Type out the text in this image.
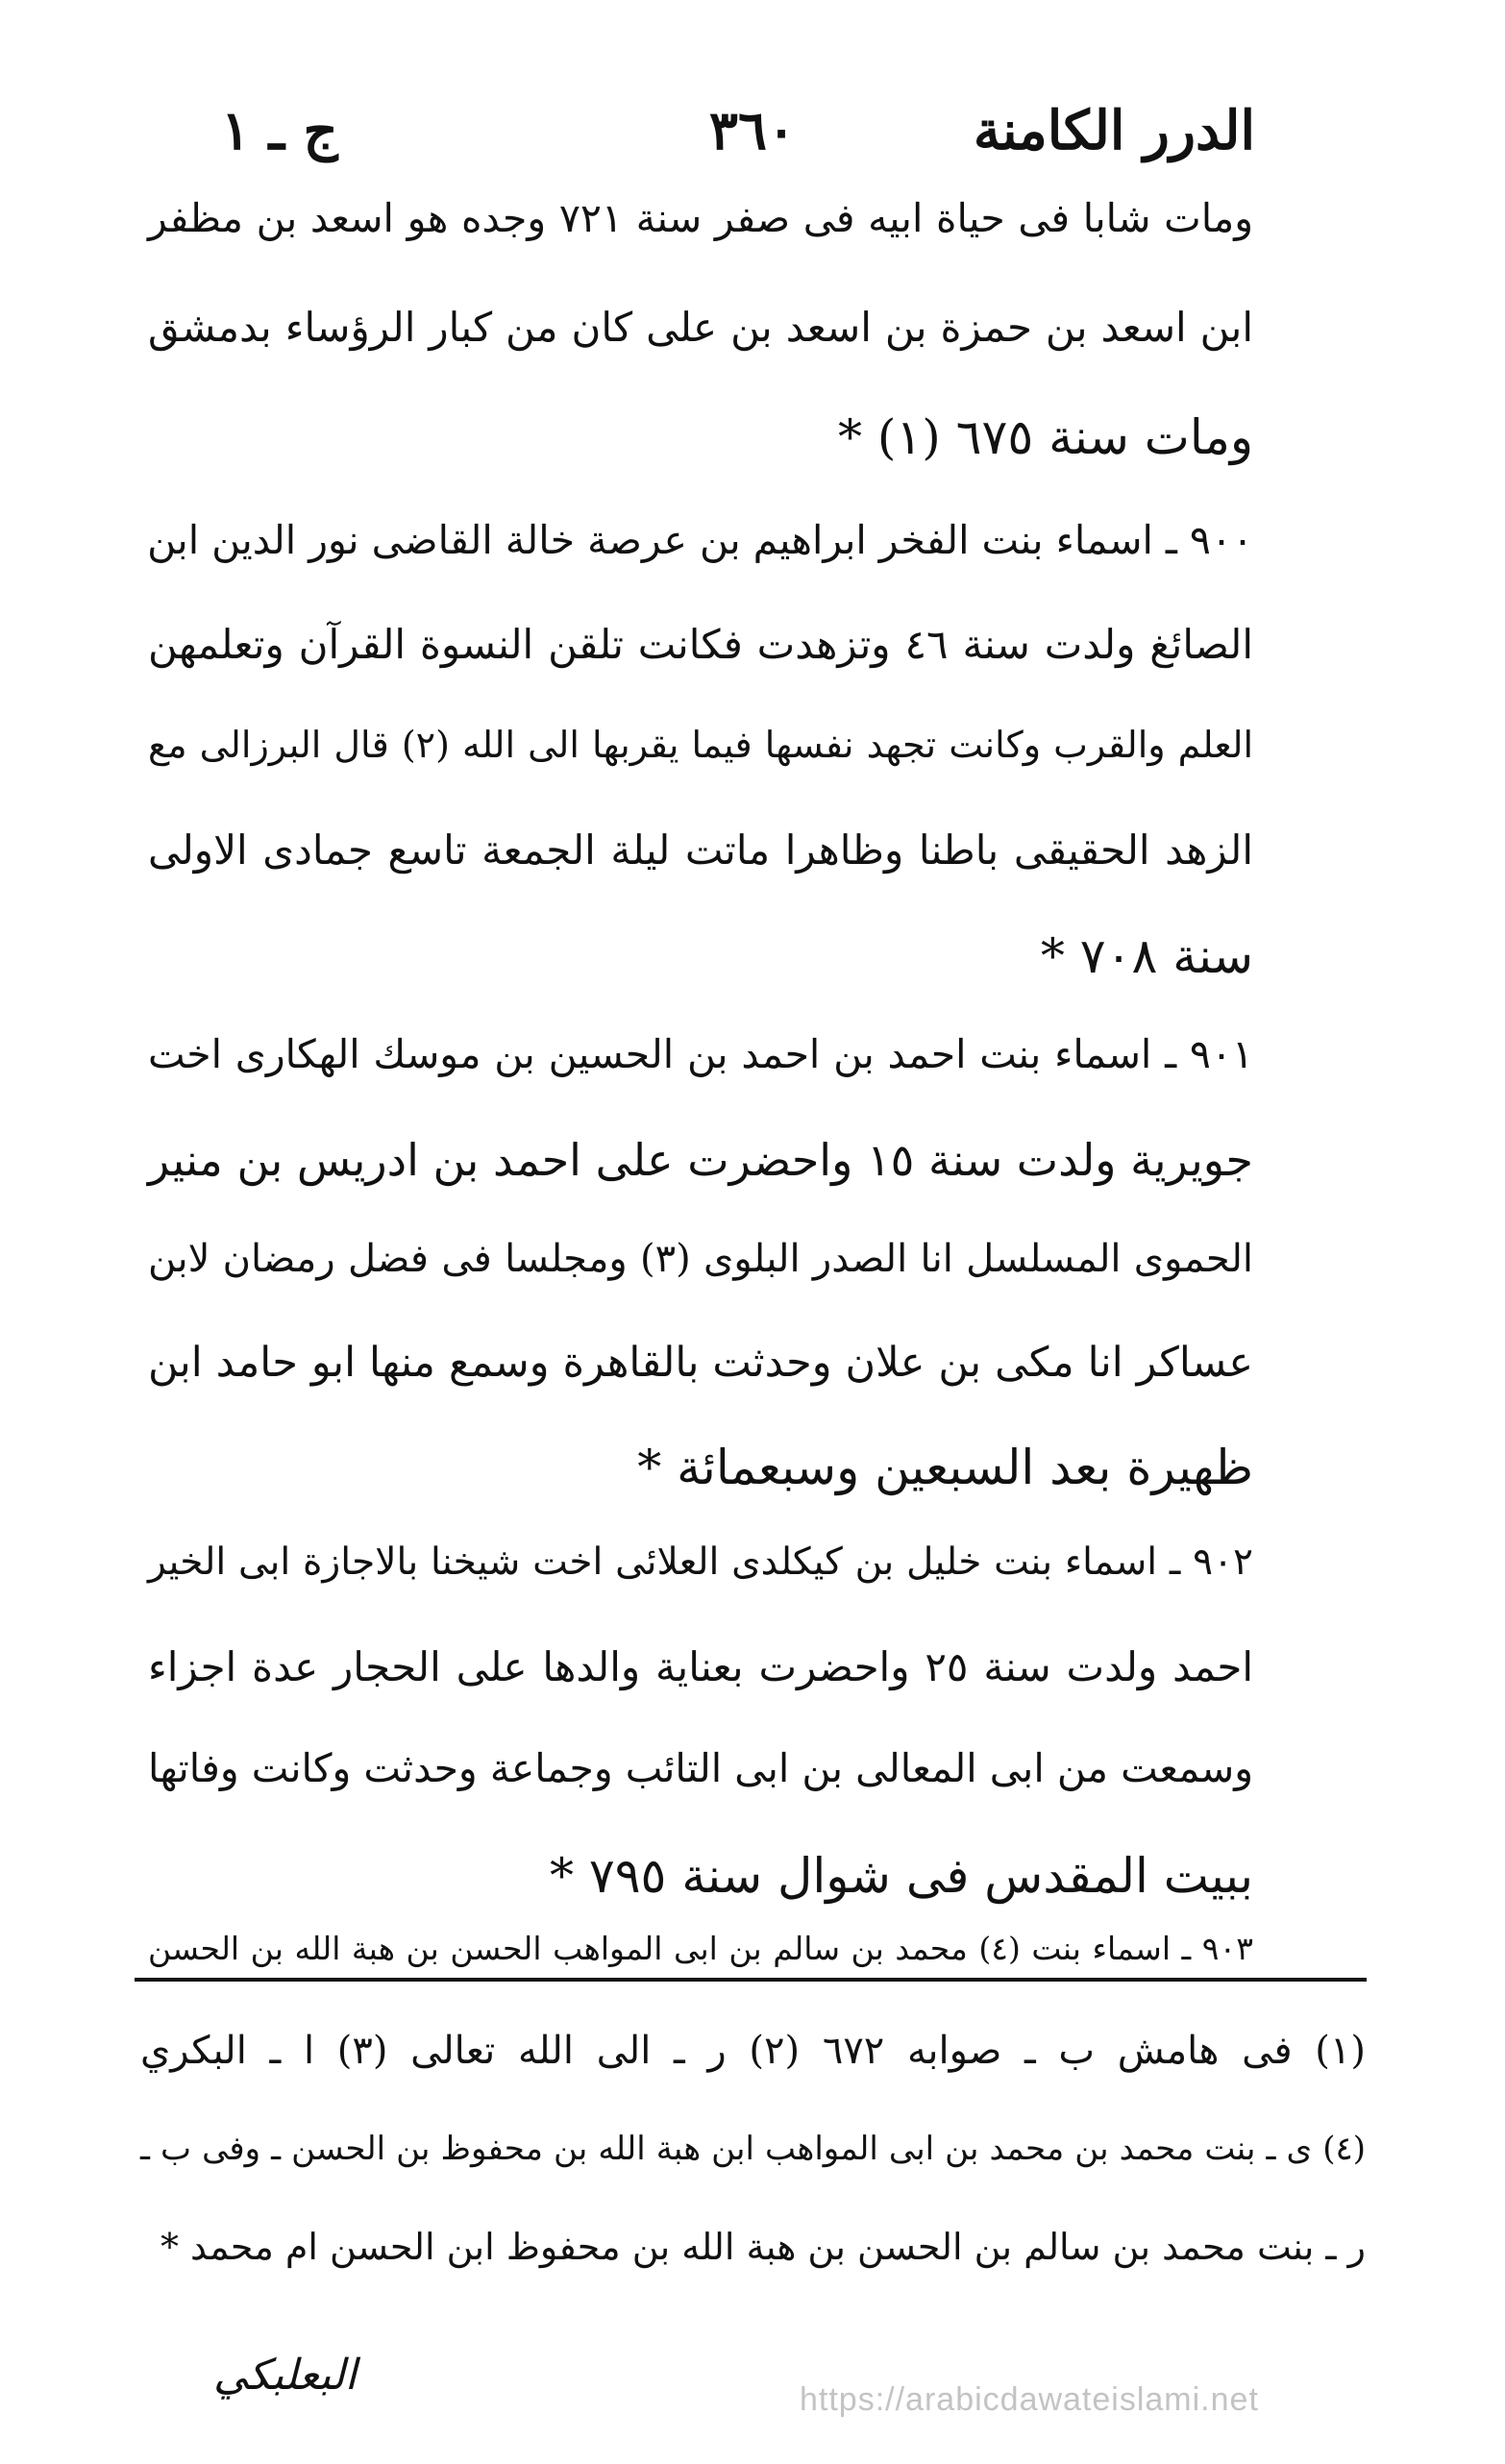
الدرر الكامنة
٣٦٠
ج ـ ١
ومات شابا فى حياة ابيه فى صفر سنة ٧٢١ وجده هو اسعد بن مظفر
ابن اسعد بن حمزة بن اسعد بن على كان من كبار الرؤساء بدمشق
ومات سنة ٦٧٥ (١) *
٩٠٠ ـ اسماء بنت الفخر ابراهيم بن عرصة خالة القاضى نور الدين ابن
الصائغ ولدت سنة ٤٦ وتزهدت فكانت تلقن النسوة القرآن وتعلمهن
العلم والقرب وكانت تجهد نفسها فيما يقربها الى الله (٢) قال البرزالى مع
الزهد الحقيقى باطنا وظاهرا ماتت ليلة الجمعة تاسع جمادى الاولى
سنة ٧٠٨ *
٩٠١ ـ اسماء بنت احمد بن احمد بن الحسين بن موسك الهكارى اخت
جويرية ولدت سنة ١٥ واحضرت على احمد بن ادريس بن منير
الحموى المسلسل انا الصدر البلوى (٣) ومجلسا فى فضل رمضان لابن
عساكر انا مكى بن علان وحدثت بالقاهرة وسمع منها ابو حامد ابن
ظهيرة بعد السبعين وسبعمائة *
٩٠٢ ـ اسماء بنت خليل بن كيكلدى العلائى اخت شيخنا بالاجازة ابى الخير
احمد ولدت سنة ٢٥ واحضرت بعناية والدها على الحجار عدة اجزاء
وسمعت من ابى المعالى بن ابى التائب وجماعة وحدثت وكانت وفاتها
ببيت المقدس فى شوال سنة ٧٩٥ *
٩٠٣ ـ اسماء بنت (٤) محمد بن سالم بن ابى المواهب الحسن بن هبة الله بن الحسن
(١) فى هامش ب ـ صوابه ٦٧٢ (٢) ر ـ الى الله تعالى (٣) ا ـ البكري
(٤) ى ـ بنت محمد بن محمد بن ابى المواهب ابن هبة الله بن محفوظ بن الحسن ـ وفى ب ـ
ر ـ بنت محمد بن سالم بن الحسن بن هبة الله بن محفوظ ابن الحسن ام محمد *
البعلبكي	https://arabicdawateislami.net
